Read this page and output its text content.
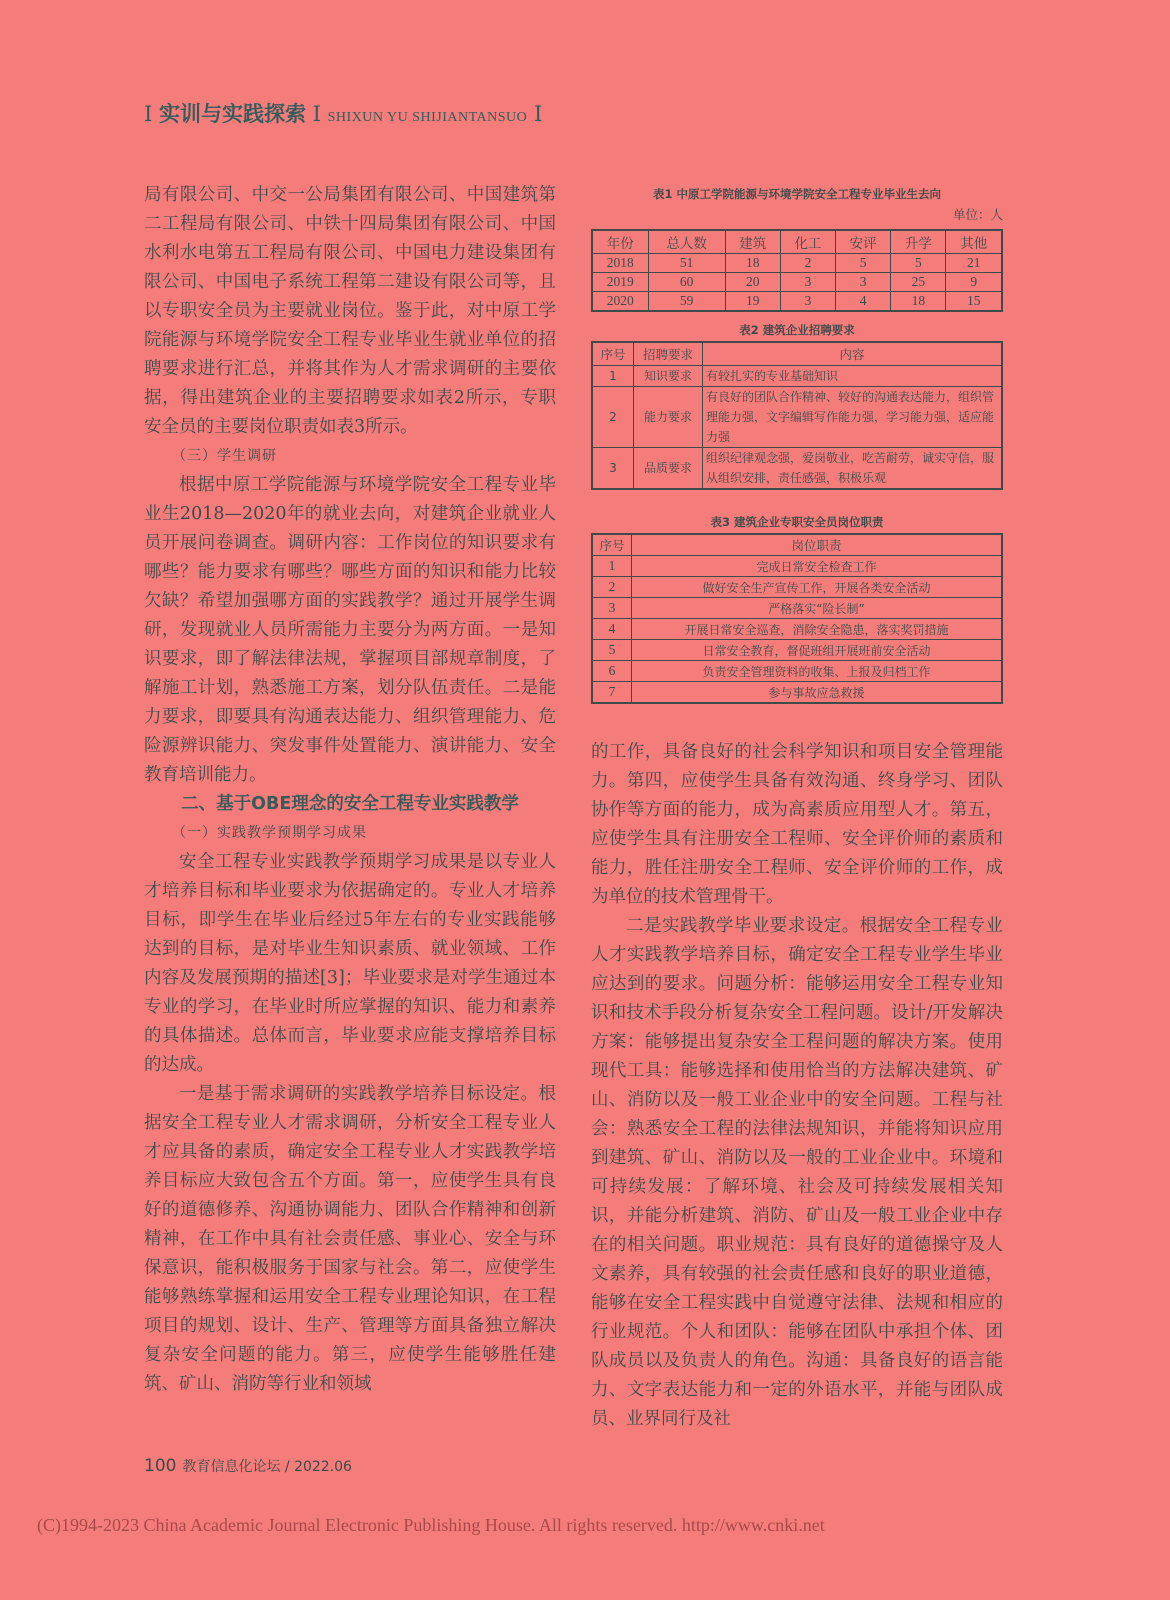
I 实训与实践探索 I SHIXUN YU SHIJIANTANSUO I

局有限公司、中交一公局集团有限公司、中国建筑第二工程局有限公司、中铁十四局集团有限公司、中国水利水电第五工程局有限公司、中国电力建设集团有限公司、中国电子系统工程第二建设有限公司等，且以专职安全员为主要就业岗位。鉴于此，对中原工学院能源与环境学院安全工程专业毕业生就业单位的招聘要求进行汇总，并将其作为人才需求调研的主要依据，得出建筑企业的主要招聘要求如表2所示，专职安全员的主要岗位职责如表3所示。

（三）学生调研

根据中原工学院能源与环境学院安全工程专业毕业生2018—2020年的就业去向，对建筑企业就业人员开展问卷调查。调研内容：工作岗位的知识要求有哪些？能力要求有哪些？哪些方面的知识和能力比较欠缺？希望加强哪方面的实践教学？通过开展学生调研，发现就业人员所需能力主要分为两方面。一是知识要求，即了解法律法规，掌握项目部规章制度，了解施工计划，熟悉施工方案，划分队伍责任。二是能力要求，即要具有沟通表达能力、组织管理能力、危险源辨识能力、突发事件处置能力、演讲能力、安全教育培训能力。

二、基于OBE理念的安全工程专业实践教学

（一）实践教学预期学习成果

安全工程专业实践教学预期学习成果是以专业人才培养目标和毕业要求为依据确定的。专业人才培养目标，即学生在毕业后经过5年左右的专业实践能够达到的目标，是对毕业生知识素质、就业领域、工作内容及发展预期的描述[3]；毕业要求是对学生通过本专业的学习，在毕业时所应掌握的知识、能力和素养的具体描述。总体而言，毕业要求应能支撑培养目标的达成。

一是基于需求调研的实践教学培养目标设定。根据安全工程专业人才需求调研，分析安全工程专业人才应具备的素质，确定安全工程专业人才实践教学培养目标应大致包含五个方面。第一，应使学生具有良好的道德修养、沟通协调能力、团队合作精神和创新精神，在工作中具有社会责任感、事业心、安全与环保意识，能积极服务于国家与社会。第二，应使学生能够熟练掌握和运用安全工程专业理论知识，在工程项目的规划、设计、生产、管理等方面具备独立解决复杂安全问题的能力。第三，应使学生能够胜任建筑、矿山、消防等行业和领域

表1 中原工学院能源与环境学院安全工程专业毕业生去向
单位：人
年份	总人数	建筑	化工	安评	升学	其他
2018	51	18	2	5	5	21
2019	60	20	3	3	25	9
2020	59	19	3	4	18	15
表2 建筑企业招聘要求
序号	招聘要求	内容
1	知识要求	有较扎实的专业基础知识
2	能力要求	有良好的团队合作精神、较好的沟通表达能力，组织管理能力强，文字编辑写作能力强，学习能力强，适应能力强
3	品质要求	组织纪律观念强，爱岗敬业，吃苦耐劳，诚实守信，服从组织安排，责任感强，积极乐观
表3 建筑企业专职安全员岗位职责
序号	岗位职责
1	完成日常安全检查工作
2	做好安全生产宣传工作，开展各类安全活动
3	严格落实“险长制”
4	开展日常安全巡查，消除安全隐患，落实奖罚措施
5	日常安全教育，督促班组开展班前安全活动
6	负责安全管理资料的收集、上报及归档工作
7	参与事故应急救援

的工作，具备良好的社会科学知识和项目安全管理能力。第四，应使学生具备有效沟通、终身学习、团队协作等方面的能力，成为高素质应用型人才。第五，应使学生具有注册安全工程师、安全评价师的素质和能力，胜任注册安全工程师、安全评价师的工作，成为单位的技术管理骨干。

二是实践教学毕业要求设定。根据安全工程专业人才实践教学培养目标，确定安全工程专业学生毕业应达到的要求。问题分析：能够运用安全工程专业知识和技术手段分析复杂安全工程问题。设计/开发解决方案：能够提出复杂安全工程问题的解决方案。使用现代工具：能够选择和使用恰当的方法解决建筑、矿山、消防以及一般工业企业中的安全问题。工程与社会：熟悉安全工程的法律法规知识，并能将知识应用到建筑、矿山、消防以及一般的工业企业中。环境和可持续发展：了解环境、社会及可持续发展相关知识，并能分析建筑、消防、矿山及一般工业企业中存在的相关问题。职业规范：具有良好的道德操守及人文素养，具有较强的社会责任感和良好的职业道德，能够在安全工程实践中自觉遵守法律、法规和相应的行业规范。个人和团队：能够在团队中承担个体、团队成员以及负责人的角色。沟通：具备良好的语言能力、文字表达能力和一定的外语水平，并能与团队成员、业界同行及社

100 教育信息化论坛 / 2022.06
(C)1994-2023 China Academic Journal Electronic Publishing House. All rights reserved. http://www.cnki.net
